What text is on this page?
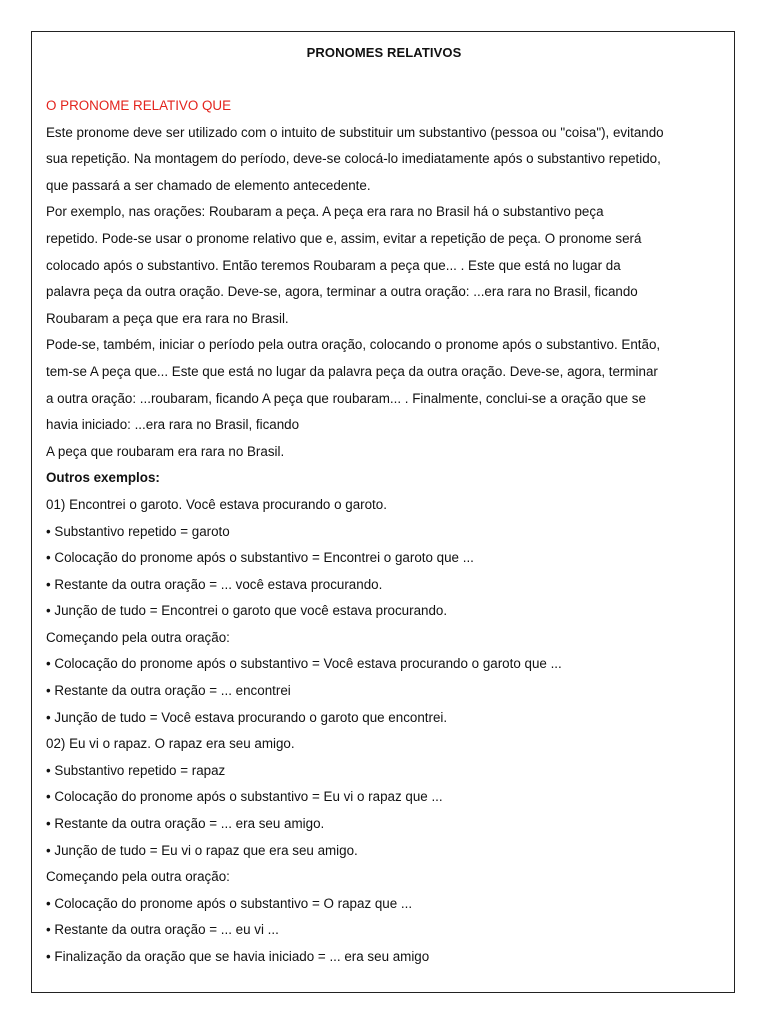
PRONOMES RELATIVOS
O PRONOME RELATIVO QUE
Este pronome deve ser utilizado com o intuito de substituir um substantivo (pessoa ou "coisa"), evitando
sua repetição. Na montagem do período, deve-se colocá-lo imediatamente após o substantivo repetido,
que passará a ser chamado de elemento antecedente.
Por exemplo, nas orações: Roubaram a peça. A peça era rara no Brasil há o substantivo peça
repetido. Pode-se usar o pronome relativo que e, assim, evitar a repetição de peça. O pronome será
colocado após o substantivo. Então teremos Roubaram a peça que... . Este que está no lugar da
palavra peça da outra oração. Deve-se, agora, terminar a outra oração: ...era rara no Brasil, ficando
Roubaram a peça que era rara no Brasil.
Pode-se, também, iniciar o período pela outra oração, colocando o pronome após o substantivo. Então,
tem-se A peça que... Este que está no lugar da palavra peça da outra oração. Deve-se, agora, terminar
a outra oração: ...roubaram, ficando A peça que roubaram... . Finalmente, conclui-se a oração que se
havia iniciado: ...era rara no Brasil, ficando
A peça que roubaram era rara no Brasil.
Outros exemplos:
01) Encontrei o garoto. Você estava procurando o garoto.
• Substantivo repetido = garoto
• Colocação do pronome após o substantivo = Encontrei o garoto que ...
• Restante da outra oração = ... você estava procurando.
• Junção de tudo = Encontrei o garoto que você estava procurando.
Começando pela outra oração:
• Colocação do pronome após o substantivo = Você estava procurando o garoto que ...
• Restante da outra oração = ... encontrei
• Junção de tudo = Você estava procurando o garoto que encontrei.
02) Eu vi o rapaz. O rapaz era seu amigo.
• Substantivo repetido = rapaz
• Colocação do pronome após o substantivo = Eu vi o rapaz que ...
• Restante da outra oração = ... era seu amigo.
• Junção de tudo = Eu vi o rapaz que era seu amigo.
Começando pela outra oração:
• Colocação do pronome após o substantivo = O rapaz que ...
• Restante da outra oração = ... eu vi ...
• Finalização da oração que se havia iniciado = ... era seu amigo
